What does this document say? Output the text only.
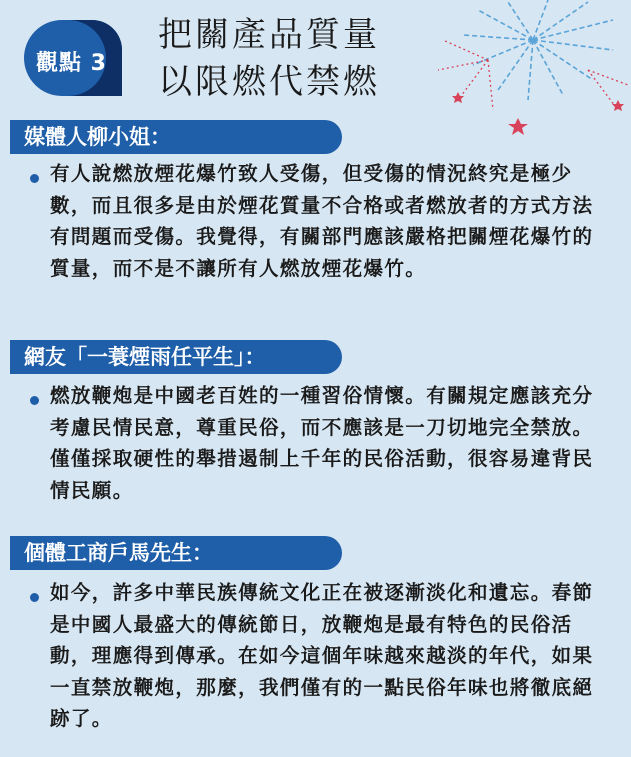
觀點 3
把關產品質量
以限燃代禁燃
媒體人柳小姐：
有人說燃放煙花爆竹致人受傷，但受傷的情況終究是極少數，而且很多是由於煙花質量不合格或者燃放者的方式方法有問題而受傷。我覺得，有關部門應該嚴格把關煙花爆竹的質量，而不是不讓所有人燃放煙花爆竹。
網友「一蓑煙雨任平生」：
燃放鞭炮是中國老百姓的一種習俗情懷。有關規定應該充分考慮民情民意，尊重民俗，而不應該是一刀切地完全禁放。僅僅採取硬性的舉措遏制上千年的民俗活動，很容易違背民情民願。
個體工商戶馬先生：
如今，許多中華民族傳統文化正在被逐漸淡化和遺忘。春節是中國人最盛大的傳統節日，放鞭炮是最有特色的民俗活動，理應得到傳承。在如今這個年味越來越淡的年代，如果一直禁放鞭炮，那麼，我們僅有的一點民俗年味也將徹底絕跡了。
